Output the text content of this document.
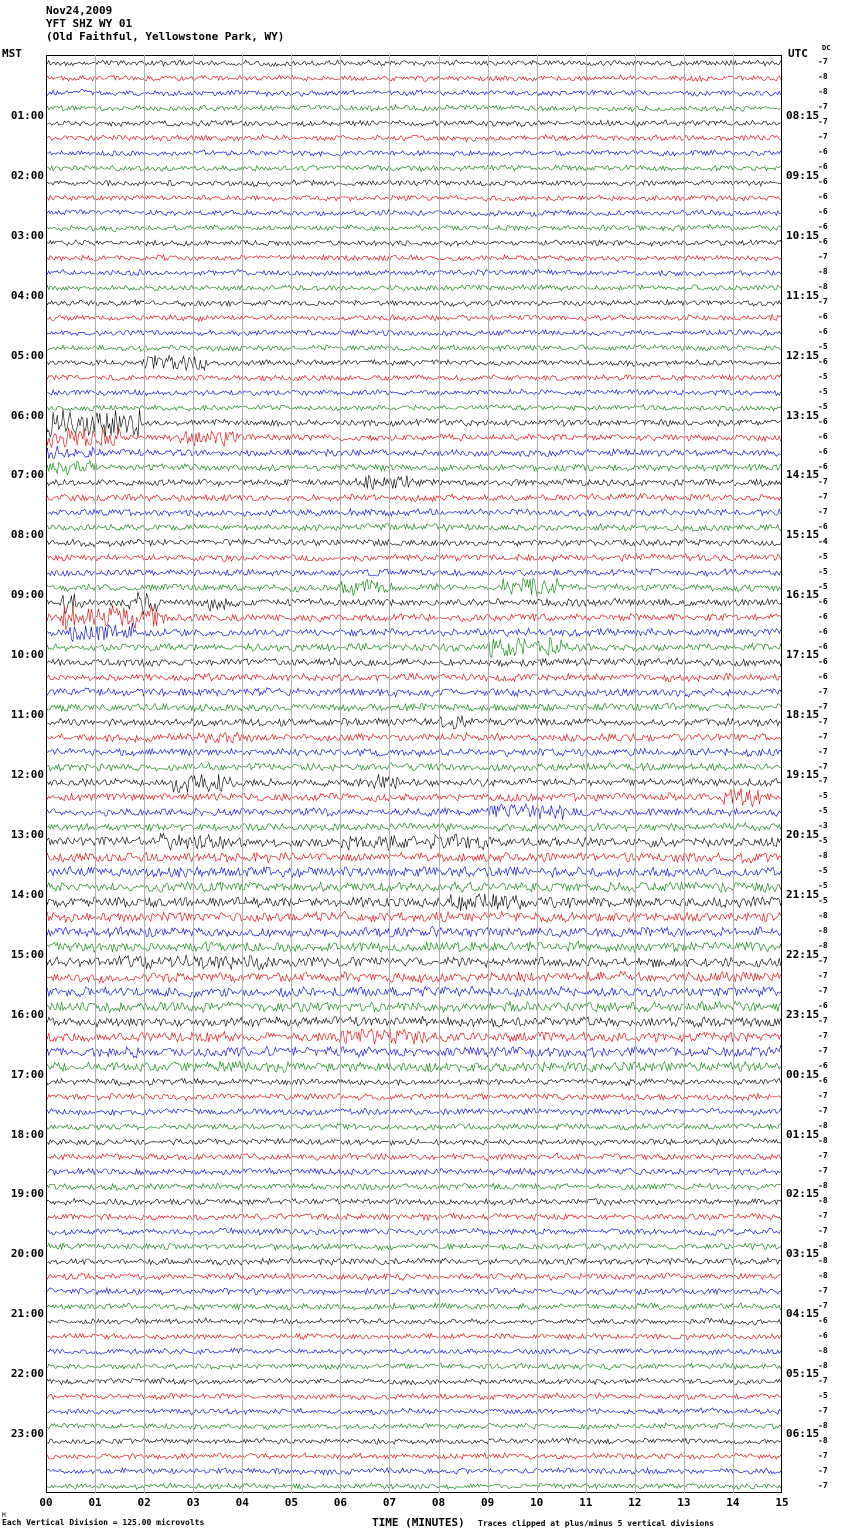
Nov24,2009
YFT SHZ WY 01
(Old Faithful, Yellowstone Park, WY)
MST	UTC DC
01:00
02:00
03:00
04:00
05:00
06:00
07:00
08:00
09:00
10:00
11:00
12:00
13:00
14:00
15:00
16:00
17:00
18:00
19:00
20:00
21:00
22:00
23:00
08:15
09:15
10:15
11:15
12:15
13:15
14:15
15:15
16:15
17:15
18:15
19:15
20:15
21:15
22:15
23:15
00:15
01:15
02:15
03:15
04:15
05:15
06:15
-7
-8
-8
-7
-7
-7
-6
-6
-6
-6
-6
-6
-6
-7
-8
-8
-7
-6
-6
-5
-6
-5
-5
-5
-6
-6
-6
-6
-7
-7
-7
-6
-4
-5
-5
-5
-6
-6
-6
-6
-6
-6
-7
-7
-7
-7
-7
-7
-7
-5
-5
-3
-5
-8
-5
-5
-5
-8
-8
-8
-7
-7
-7
-6
-7
-7
-7
-6
-6
-7
-7
-8
-8
-7
-7
-8
-8
-7
-7
-8
-8
-8
-7
-7
-6
-6
-8
-8
-7
-5
-7
-8
-8
-7
-7
-7
00	01	02	03	04	05	06	07	08	09	10	11	12	13	14	15
M
Each Vertical Division = 125.00 microvolts	TIME (MINUTES) Traces clipped at plus/minus 5 vertical divisions
